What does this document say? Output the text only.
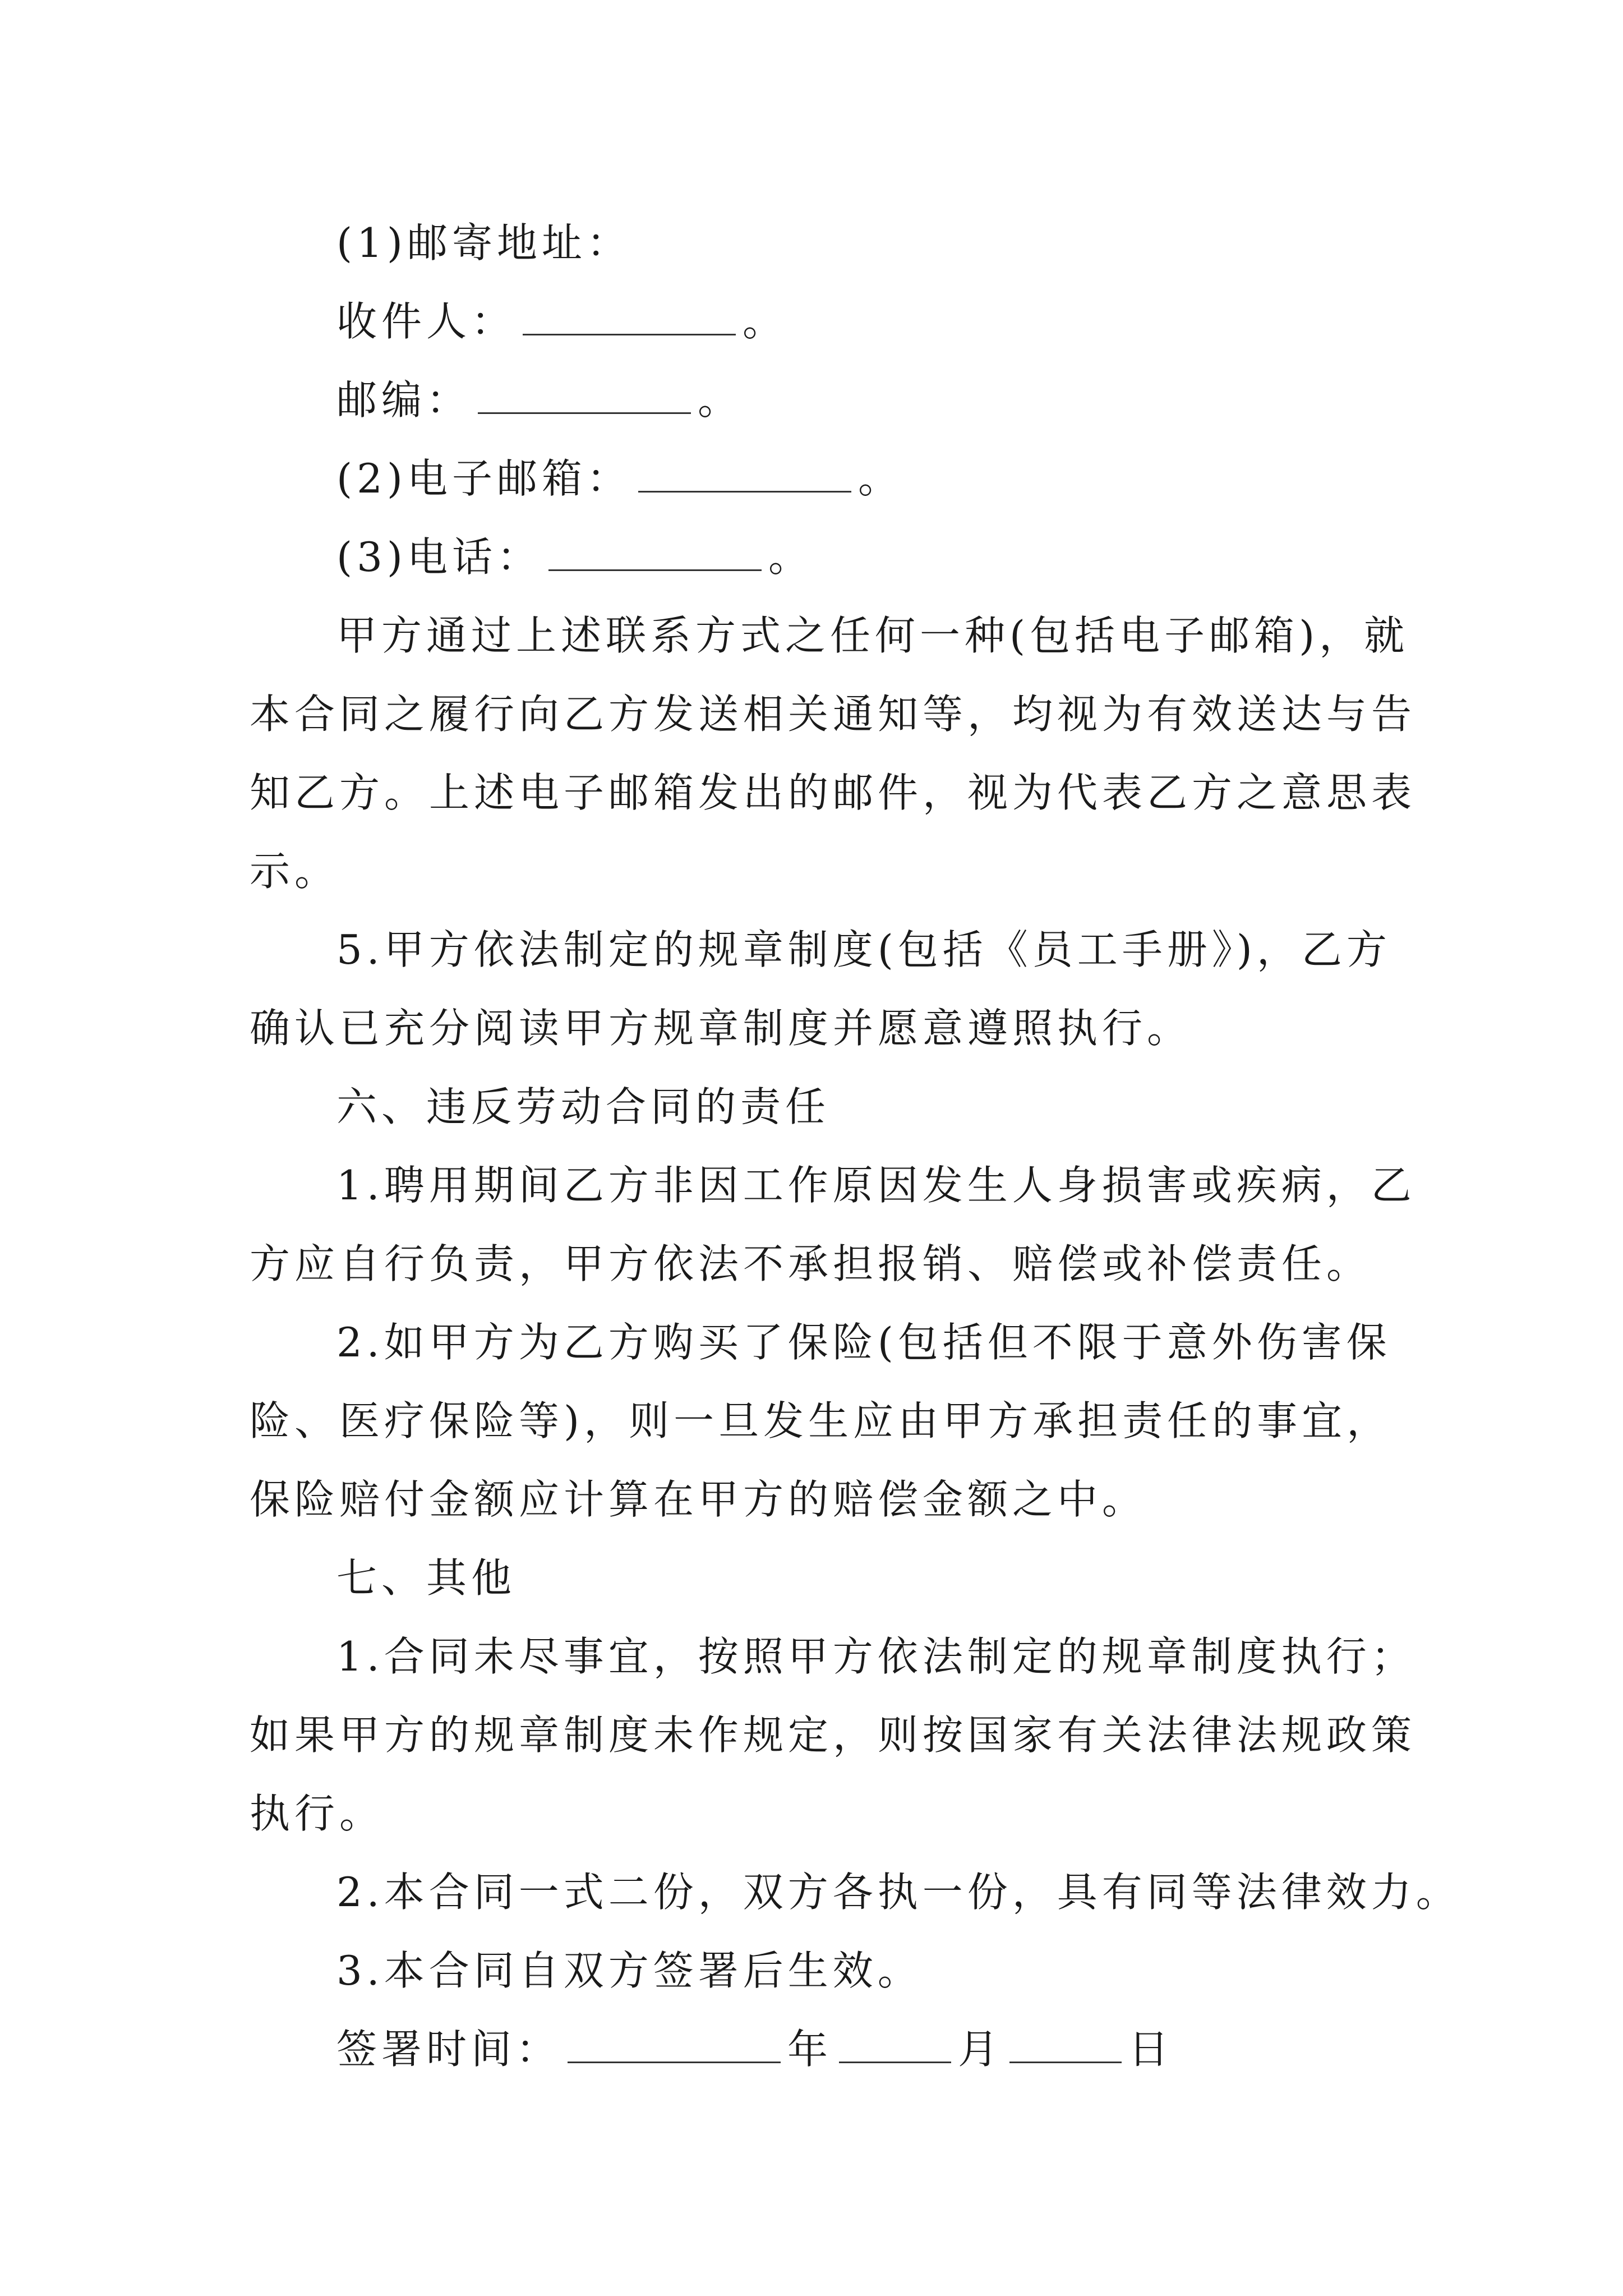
(1)邮寄地址：
收件人：	。
邮编：	。
(2)电子邮箱：	。
(3)电话：	。
甲方通过上述联系方式之任何一种(包括电子邮箱)，就
本合同之履行向乙方发送相关通知等，均视为有效送达与告
知乙方。上述电子邮箱发出的邮件，视为代表乙方之意思表
示。
5.甲方依法制定的规章制度(包括《员工手册》)，乙方
确认已充分阅读甲方规章制度并愿意遵照执行。
六、违反劳动合同的责任
1.聘用期间乙方非因工作原因发生人身损害或疾病，乙
方应自行负责，甲方依法不承担报销、赔偿或补偿责任。
2.如甲方为乙方购买了保险(包括但不限于意外伤害保
险、医疗保险等)，则一旦发生应由甲方承担责任的事宜，
保险赔付金额应计算在甲方的赔偿金额之中。
七、其他
1.合同未尽事宜，按照甲方依法制定的规章制度执行；
如果甲方的规章制度未作规定，则按国家有关法律法规政策
执行。
2.本合同一式二份，双方各执一份，具有同等法律效力。
3.本合同自双方签署后生效。
签署时间：	年	月	日
